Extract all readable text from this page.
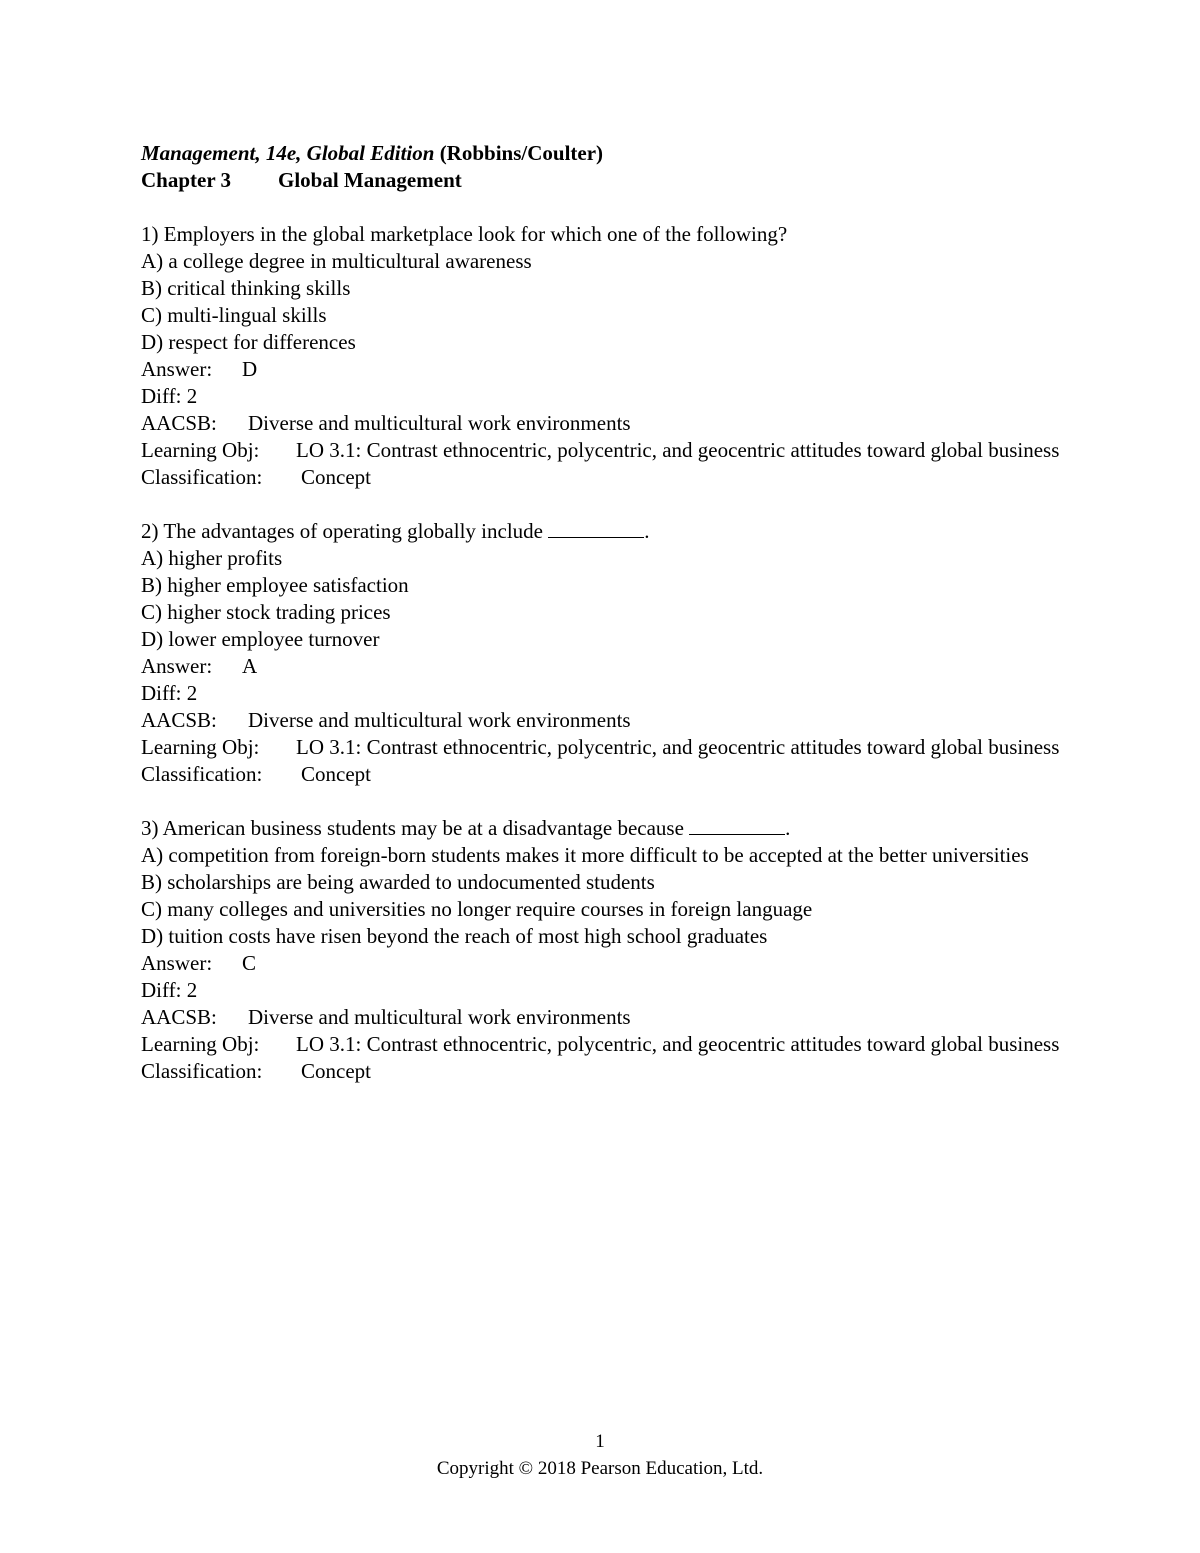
Management, 14e, Global Edition (Robbins/Coulter)
Chapter 3 Global Management
1) Employers in the global marketplace look for which one of the following?
A) a college degree in multicultural awareness
B) critical thinking skills
C) multi-lingual skills
D) respect for differences
Answer: D
Diff: 2
AACSB: Diverse and multicultural work environments
Learning Obj: LO 3.1: Contrast ethnocentric, polycentric, and geocentric attitudes toward global business
Classification: Concept
2) The advantages of operating globally include	.
A) higher profits
B) higher employee satisfaction
C) higher stock trading prices
D) lower employee turnover
Answer: A
Diff: 2
AACSB: Diverse and multicultural work environments
Learning Obj: LO 3.1: Contrast ethnocentric, polycentric, and geocentric attitudes toward global business
Classification: Concept
3) American business students may be at a disadvantage because	.
A) competition from foreign-born students makes it more difficult to be accepted at the better universities
B) scholarships are being awarded to undocumented students
C) many colleges and universities no longer require courses in foreign language
D) tuition costs have risen beyond the reach of most high school graduates
Answer: C
Diff: 2
AACSB: Diverse and multicultural work environments
Learning Obj: LO 3.1: Contrast ethnocentric, polycentric, and geocentric attitudes toward global business
Classification: Concept
1
Copyright © 2018 Pearson Education, Ltd.
